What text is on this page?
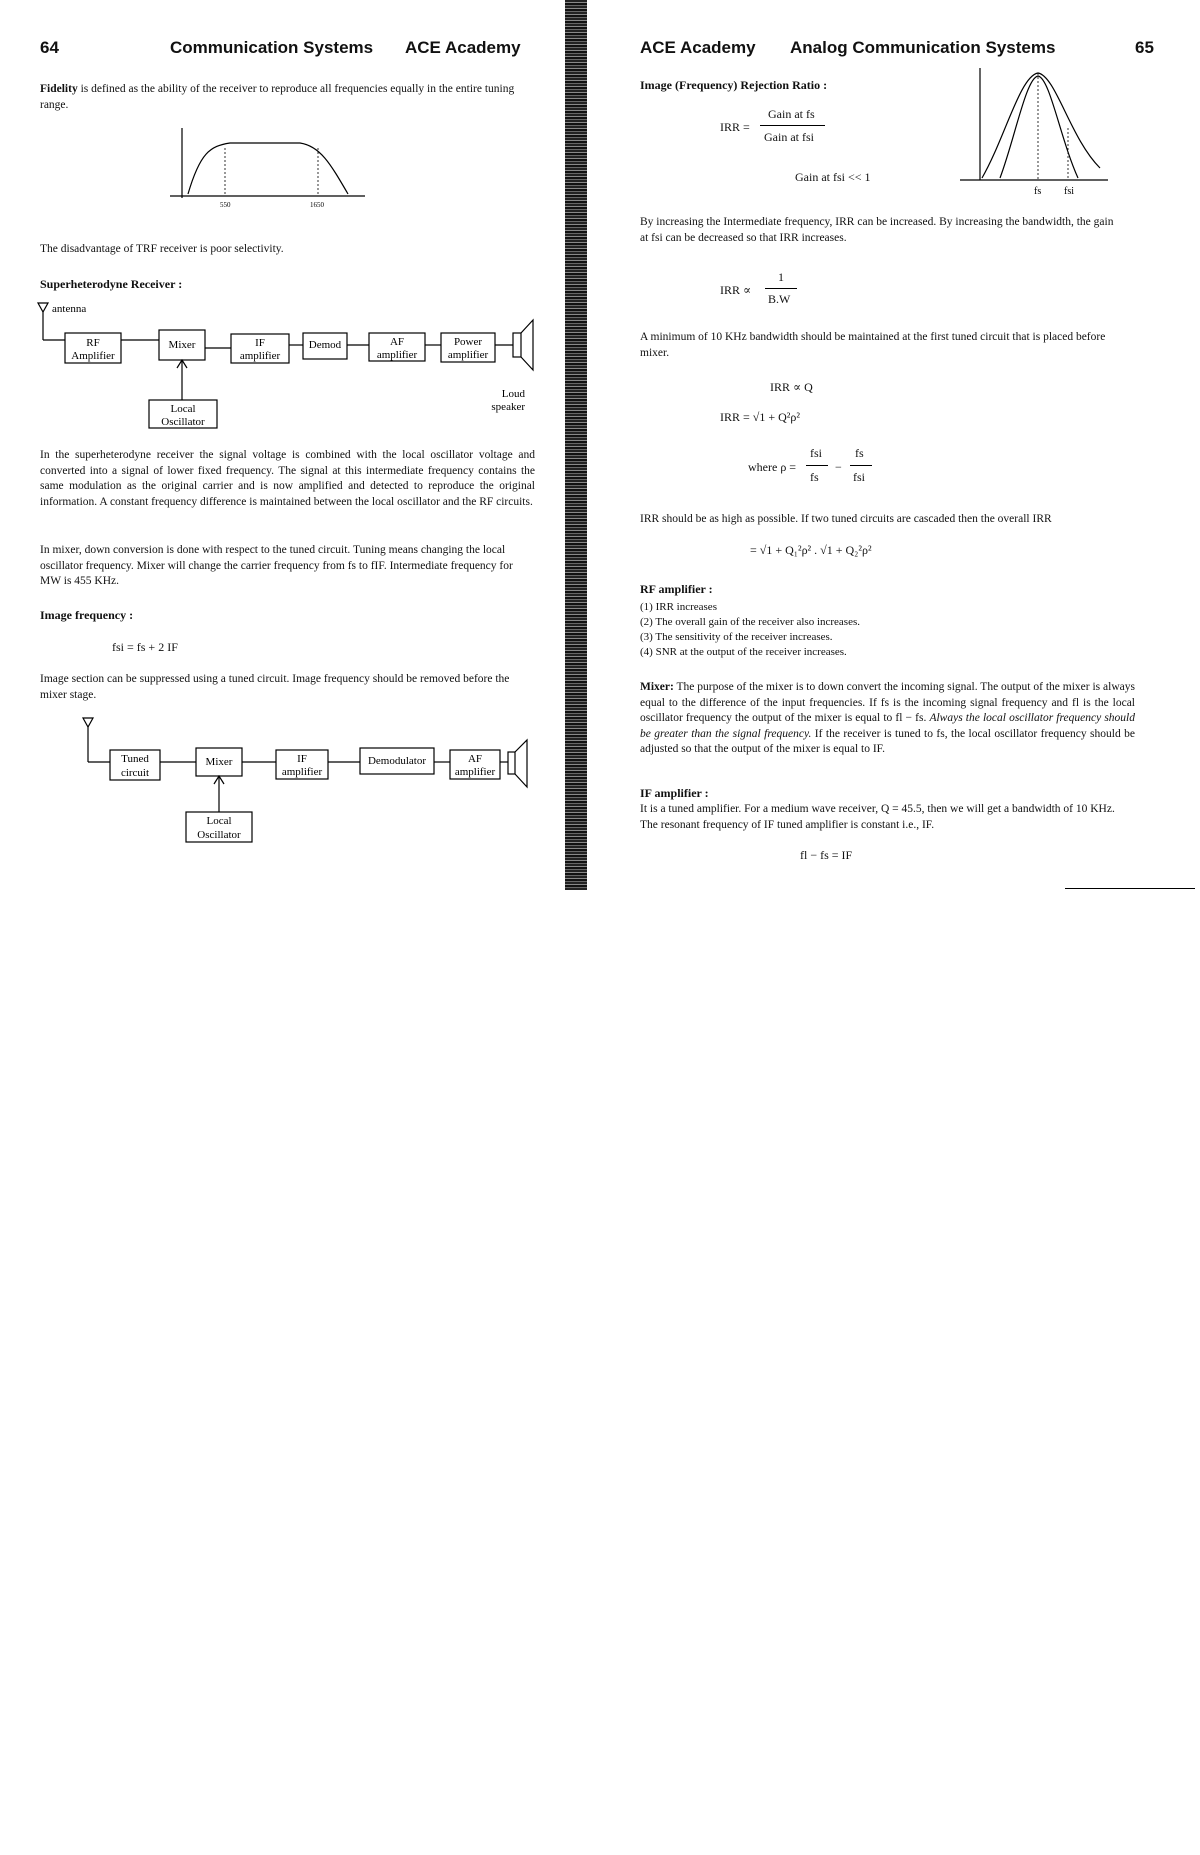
64	Communication Systems ACE Academy
Fidelity is defined as the ability of the receiver to reproduce all frequencies equally in the entire tuning range.
550	1650
The disadvantage of TRF receiver is poor selectivity.
Superheterodyne Receiver :
antenna
RF
Amplifier
Mixer	IF
amplifier
Demod	AF
amplifier
Power
amplifier
Loud
speaker
Local
Oscillator
In the superheterodyne receiver the signal voltage is combined with the local oscillator voltage and converted into a signal of lower fixed frequency. The signal at this intermediate frequency contains the same modulation as the original carrier and is now amplified and detected to reproduce the original information. A constant frequency difference is maintained between the local oscillator and the RF circuits.
In mixer, down conversion is done with respect to the tuned circuit. Tuning means changing the local oscillator frequency. Mixer will change the carrier frequency from fs to fIF. Intermediate frequency for MW is 455 KHz.
Image frequency :
fsi = fs + 2 IF
Image section can be suppressed using a tuned circuit. Image frequency should be removed before the mixer stage.
Tuned
circuit
Mixer	IF
amplifier
Demodulator	AF
amplifier
Local
Oscillator
ACE Academy Analog Communication Systems	65
Image (Frequency) Rejection Ratio :
IRR =
Gain at fs
Gain at fsi
Gain at fsi << 1
fs fsi
By increasing the Intermediate frequency, IRR can be increased. By increasing the bandwidth, the gain at fsi can be decreased so that IRR increases.
IRR ∝
1
B.W
A minimum of 10 KHz bandwidth should be maintained at the first tuned circuit that is placed before mixer.
IRR ∝ Q
IRR = √1 + Q²ρ²
where ρ =
fsi
fs
−
fs
fsi
IRR should be as high as possible. If two tuned circuits are cascaded then the overall IRR
= √1 + Q₁²ρ² . √1 + Q₂²ρ²
RF amplifier :
(1) IRR increases
(2) The overall gain of the receiver also increases.
(3) The sensitivity of the receiver increases.
(4) SNR at the output of the receiver increases.
Mixer: The purpose of the mixer is to down convert the incoming signal. The output of the mixer is always equal to the difference of the input frequencies. If fs is the incoming signal frequency and fl is the local oscillator frequency the output of the mixer is equal to fl − fs. Always the local oscillator frequency should be greater than the signal frequency. If the receiver is tuned to fs, the local oscillator frequency should be adjusted so that the output of the mixer is equal to IF.
IF amplifier :
It is a tuned amplifier. For a medium wave receiver, Q = 45.5, then we will get a bandwidth of 10 KHz. The resonant frequency of IF tuned amplifier is constant i.e., IF.
fl − fs = IF
